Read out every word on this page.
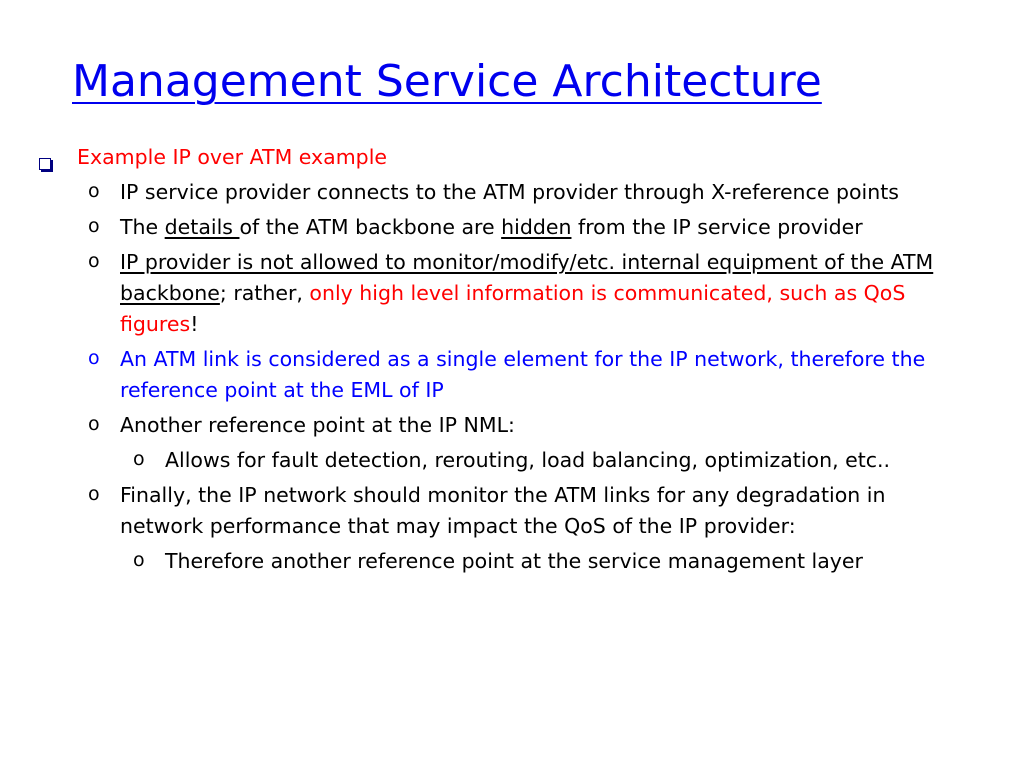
Management Service Architecture
Example IP over ATM example
o IP service provider connects to the ATM provider through X-reference points
o The details of the ATM backbone are hidden from the IP service provider
o IP provider is not allowed to monitor/modify/etc. internal equipment of the ATM backbone; rather, only high level information is communicated, such as QoS figures!
o An ATM link is considered as a single element for the IP network, therefore the reference point at the EML of IP
o Another reference point at the IP NML:
o Allows for fault detection, rerouting, load balancing, optimization, etc..
o Finally, the IP network should monitor the ATM links for any degradation in network performance that may impact the QoS of the IP provider:
o Therefore another reference point at the service management layer
